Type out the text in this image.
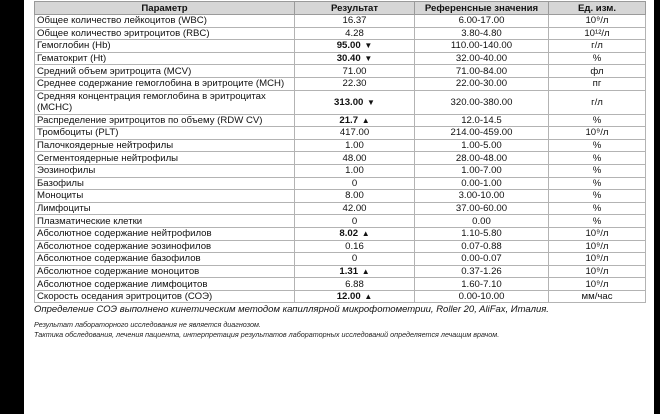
Параметр	Результат	Референсные значения	Ед. изм.
Общее количество лейкоцитов (WBC)	16.37	6.00-17.00	10⁹/л
Общее количество эритроцитов (RBC)	4.28	3.80-4.80	10¹²/л
Гемоглобин (Hb)	95.00 ▼	110.00-140.00	г/л
Гематокрит (Ht)	30.40 ▼	32.00-40.00	%
Средний объем эритроцита (MCV)	71.00	71.00-84.00	фл
Среднее содержание гемоглобина в эритроците (MCH)	22.30	22.00-30.00	пг
Средняя концентрация гемоглобина в эритроцитах (MCHC)	313.00 ▼	320.00-380.00	г/л
Распределение эритроцитов по объему (RDW CV)	21.7 ▲	12.0-14.5	%
Тромбоциты (PLT)	417.00	214.00-459.00	10⁹/л
Палочкоядерные нейтрофилы	1.00	1.00-5.00	%
Сегментоядерные нейтрофилы	48.00	28.00-48.00	%
Эозинофилы	1.00	1.00-7.00	%
Базофилы	0	0.00-1.00	%
Моноциты	8.00	3.00-10.00	%
Лимфоциты	42.00	37.00-60.00	%
Плазматические клетки	0	0.00	%
Абсолютное содержание нейтрофилов	8.02 ▲	1.10-5.80	10⁹/л
Абсолютное содержание эозинофилов	0.16	0.07-0.88	10⁹/л
Абсолютное содержание базофилов	0	0.00-0.07	10⁹/л
Абсолютное содержание моноцитов	1.31 ▲	0.37-1.26	10⁹/л
Абсолютное содержание лимфоцитов	6.88	1.60-7.10	10⁹/л
Скорость оседания эритроцитов (СОЭ)	12.00 ▲	0.00-10.00	мм/час
Определение СОЭ выполнено кинетическим методом капиллярной микрофотометрии, Roller 20, AliFax, Италия.
Результат лабораторного исследования не является диагнозом.
Тактика обследования, лечения пациента, интерпретация результатов лабораторных исследований определяется лечащим врачом.
